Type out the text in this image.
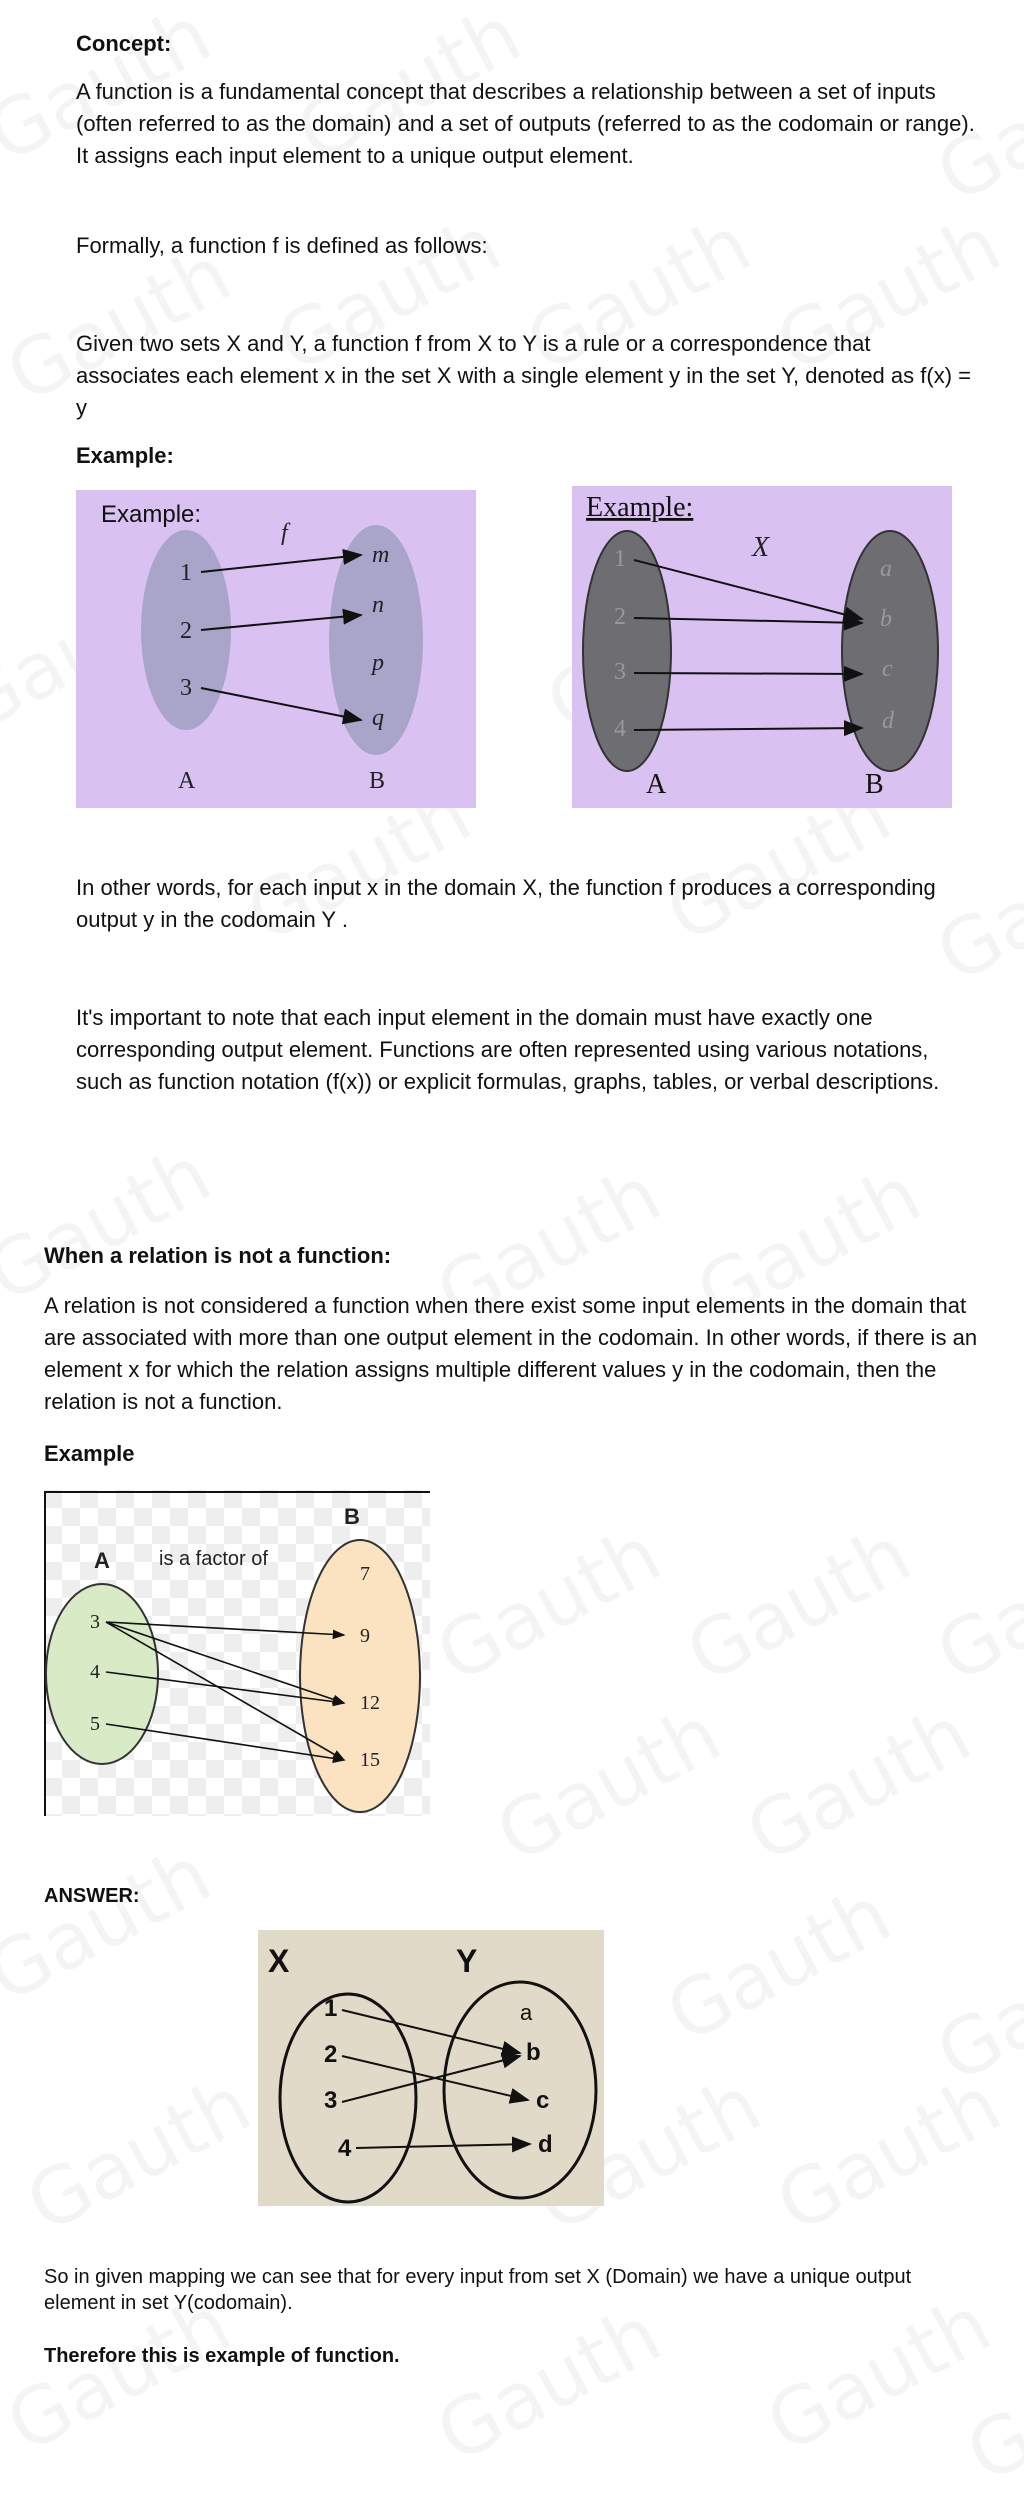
Concept:

A function is a fundamental concept that describes a relationship between a set of inputs (often referred to as the domain) and a set of outputs (referred to as the codomain or range). It assigns each input element to a unique output element.

Formally, a function f is defined as follows:

Given two sets X and Y, a function f from X to Y is a rule or a correspondence that associates each element x in the set X with a single element y in the set Y, denoted as f(x) = y

Example:

Example:
f
1
2
3
m
n
p
q
A	B
Example:
X
1
2
3
4
a
b
c
d
A	B

In other words, for each input x in the domain X, the function f produces a corresponding output y in the codomain Y .

It's important to note that each input element in the domain must have exactly one corresponding output element. Functions are often represented using various notations, such as function notation (f(x)) or explicit formulas, graphs, tables, or verbal descriptions.

When a relation is not a function:

A relation is not considered a function when there exist some input elements in the domain that are associated with more than one output element in the codomain. In other words, if there is an element x for which the relation assigns multiple different values y in the codomain, then the relation is not a function.

Example

B
A is a factor of
3
4
5
7
9
12
15

ANSWER:

X	Y
1
2
3
4
a
b
c
d

So in given mapping we can see that for every input from set X (Domain) we have a unique output element in set Y(codomain).

Therefore this is example of function.
